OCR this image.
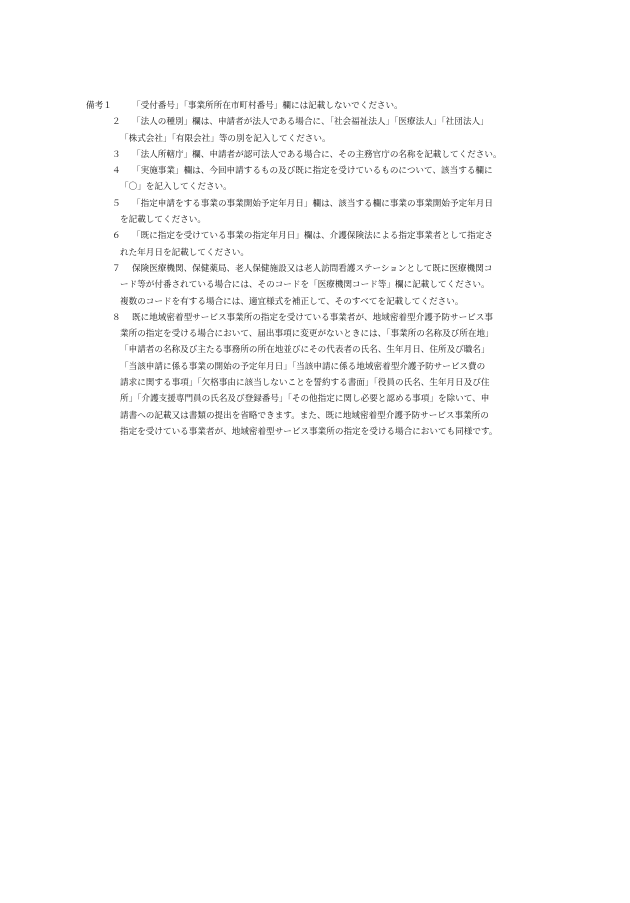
備考１	「受付番号」「事業所所在市町村番号」欄には記載しないでください。
２	「法人の種別」欄は、申請者が法人である場合に、「社会福祉法人」「医療法人」「社団法人」
「株式会社」「有限会社」等の別を記入してください。
３	「法人所轄庁」欄、申請者が認可法人である場合に、その主務官庁の名称を記載してください。
４	「実施事業」欄は、今回申請するもの及び既に指定を受けているものについて、該当する欄に
「〇」を記入してください。
５	「指定申請をする事業の事業開始予定年月日」欄は、該当する欄に事業の事業開始予定年月日
を記載してください。
６	「既に指定を受けている事業の指定年月日」欄は、介護保険法による指定事業者として指定さ
れた年月日を記載してください。
７	保険医療機関、保健薬局、老人保健施設又は老人訪問看護ステーションとして既に医療機関コ
ード等が付番されている場合には、そのコードを「医療機関コード等」欄に記載してください。
複数のコードを有する場合には、適宜様式を補正して、そのすべてを記載してください。
８	既に地域密着型サービス事業所の指定を受けている事業者が、地域密着型介護予防サービス事
業所の指定を受ける場合において、届出事項に変更がないときには、「事業所の名称及び所在地」
「申請者の名称及び主たる事務所の所在地並びにその代表者の氏名、生年月日、住所及び職名」
「当該申請に係る事業の開始の予定年月日」「当該申請に係る地域密着型介護予防サービス費の
請求に関する事項」「欠格事由に該当しないことを誓約する書面」「役員の氏名、生年月日及び住
所」「介護支援専門員の氏名及び登録番号」「その他指定に関し必要と認める事項」を除いて、申
請書への記載又は書類の提出を省略できます。また、既に地域密着型介護予防サービス事業所の
指定を受けている事業者が、地域密着型サービス事業所の指定を受ける場合においても同様です。
